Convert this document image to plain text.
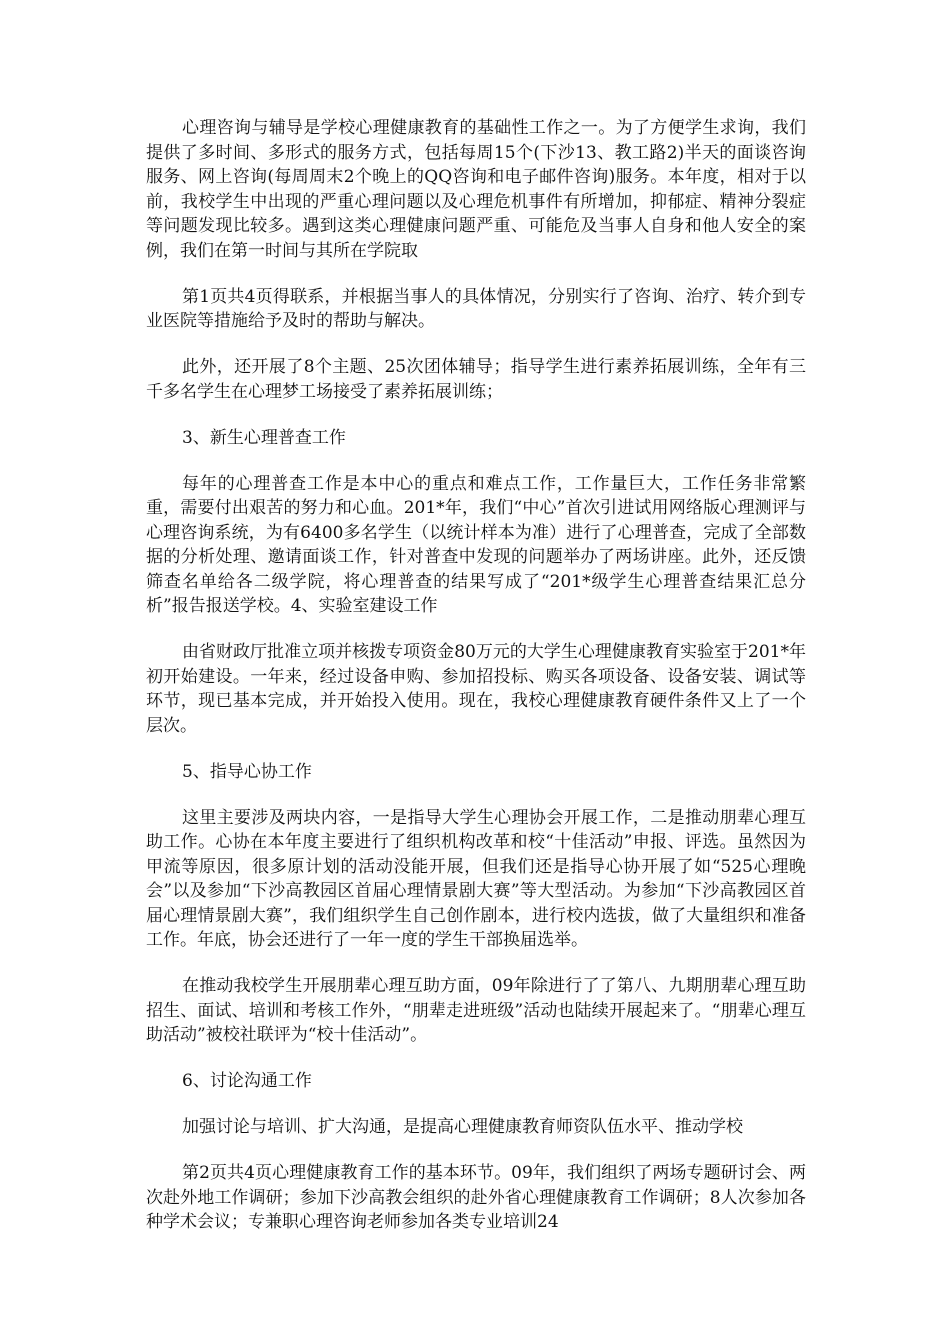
心理咨询与辅导是学校心理健康教育的基础性工作之一。为了方便学生求询，我们提供了多时间、多形式的服务方式，包括每周15个(下沙13、教工路2)半天的面谈咨询服务、网上咨询(每周周末2个晚上的QQ咨询和电子邮件咨询)服务。本年度，相对于以前，我校学生中出现的严重心理问题以及心理危机事件有所增加，抑郁症、精神分裂症等问题发现比较多。遇到这类心理健康问题严重、可能危及当事人自身和他人安全的案例，我们在第一时间与其所在学院取

第1页共4页得联系，并根据当事人的具体情况，分别实行了咨询、治疗、转介到专业医院等措施给予及时的帮助与解决。

此外，还开展了8个主题、25次团体辅导；指导学生进行素养拓展训练，全年有三千多名学生在心理梦工场接受了素养拓展训练；

3、新生心理普查工作

每年的心理普查工作是本中心的重点和难点工作，工作量巨大，工作任务非常繁重，需要付出艰苦的努力和心血。201*年，我们“中心”首次引进试用网络版心理测评与心理咨询系统，为有6400多名学生（以统计样本为准）进行了心理普查，完成了全部数据的分析处理、邀请面谈工作，针对普查中发现的问题举办了两场讲座。此外，还反馈筛查名单给各二级学院，将心理普查的结果写成了“201*级学生心理普查结果汇总分析”报告报送学校。4、实验室建设工作

由省财政厅批准立项并核拨专项资金80万元的大学生心理健康教育实验室于201*年初开始建设。一年来，经过设备申购、参加招投标、购买各项设备、设备安装、调试等环节，现已基本完成，并开始投入使用。现在，我校心理健康教育硬件条件又上了一个层次。

5、指导心协工作

这里主要涉及两块内容，一是指导大学生心理协会开展工作，二是推动朋辈心理互助工作。心协在本年度主要进行了组织机构改革和校“十佳活动”申报、评选。虽然因为甲流等原因，很多原计划的活动没能开展，但我们还是指导心协开展了如“525心理晚会”以及参加“下沙高教园区首届心理情景剧大赛”等大型活动。为参加“下沙高教园区首届心理情景剧大赛”，我们组织学生自己创作剧本，进行校内选拔，做了大量组织和准备工作。年底，协会还进行了一年一度的学生干部换届选举。

在推动我校学生开展朋辈心理互助方面，09年除进行了了第八、九期朋辈心理互助招生、面试、培训和考核工作外，“朋辈走进班级”活动也陆续开展起来了。“朋辈心理互助活动”被校社联评为“校十佳活动”。

6、讨论沟通工作

加强讨论与培训、扩大沟通，是提高心理健康教育师资队伍水平、推动学校

第2页共4页心理健康教育工作的基本环节。09年，我们组织了两场专题研讨会、两次赴外地工作调研；参加下沙高教会组织的赴外省心理健康教育工作调研；8人次参加各种学术会议；专兼职心理咨询老师参加各类专业培训24
